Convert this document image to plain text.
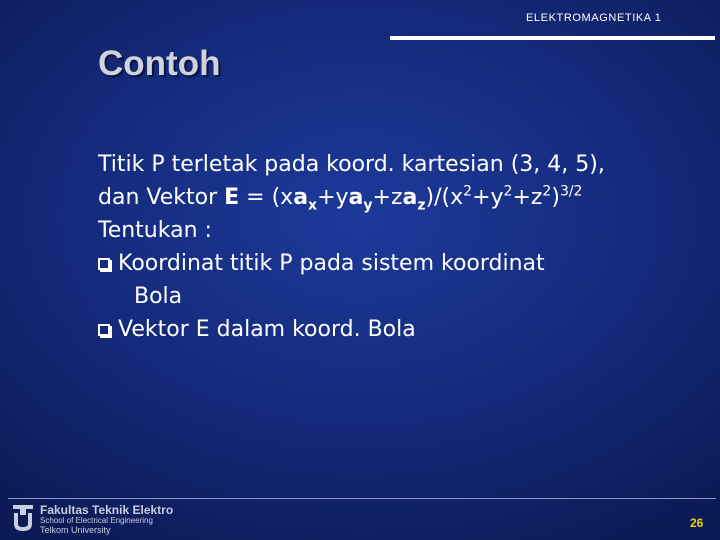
ELEKTROMAGNETIKA 1
Contoh
Titik P terletak pada koord. kartesian (3, 4, 5),
dan Vektor $E = (xa_x+ya_y+za_z)/(x^2+y^2+z^2)^{3/2}$
Tentukan :
Koordinat titik P pada sistem koordinat
Bola
Vektor E dalam koord. Bola
Fakultas Teknik Elektro
School of Electrical Engineering
Telkom University	26
